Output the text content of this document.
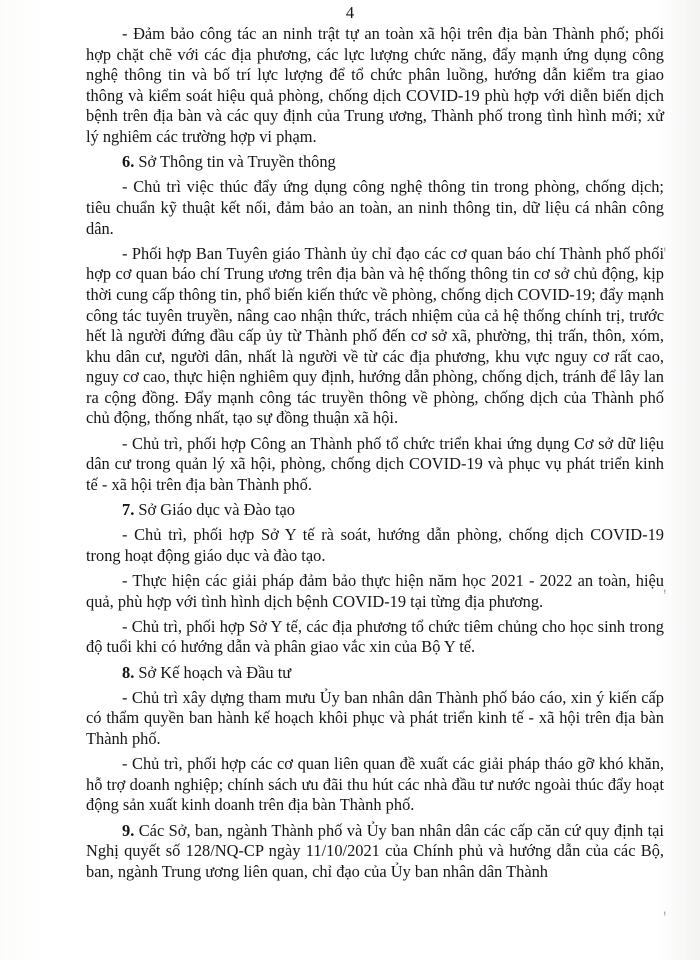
4

- Đảm bảo công tác an ninh trật tự an toàn xã hội trên địa bàn Thành phố; phối hợp chặt chẽ với các địa phương, các lực lượng chức năng, đẩy mạnh ứng dụng công nghệ thông tin và bố trí lực lượng để tổ chức phân luồng, hướng dẫn kiểm tra giao thông và kiểm soát hiệu quả phòng, chống dịch COVID-19 phù hợp với diễn biến dịch bệnh trên địa bàn và các quy định của Trung ương, Thành phố trong tình hình mới; xử lý nghiêm các trường hợp vi phạm.

6. Sở Thông tin và Truyền thông

- Chủ trì việc thúc đẩy ứng dụng công nghệ thông tin trong phòng, chống dịch; tiêu chuẩn kỹ thuật kết nối, đảm bảo an toàn, an ninh thông tin, dữ liệu cá nhân công dân.

- Phối hợp Ban Tuyên giáo Thành ủy chỉ đạo các cơ quan báo chí Thành phố phối hợp cơ quan báo chí Trung ương trên địa bàn và hệ thống thông tin cơ sở chủ động, kịp thời cung cấp thông tin, phổ biến kiến thức về phòng, chống dịch COVID-19; đẩy mạnh công tác tuyên truyền, nâng cao nhận thức, trách nhiệm của cả hệ thống chính trị, trước hết là người đứng đầu cấp ủy từ Thành phố đến cơ sở xã, phường, thị trấn, thôn, xóm, khu dân cư, người dân, nhất là người về từ các địa phương, khu vực nguy cơ rất cao, nguy cơ cao, thực hiện nghiêm quy định, hướng dẫn phòng, chống dịch, tránh để lây lan ra cộng đồng. Đẩy mạnh công tác truyền thông về phòng, chống dịch của Thành phố chủ động, thống nhất, tạo sự đồng thuận xã hội.

- Chủ trì, phối hợp Công an Thành phố tổ chức triển khai ứng dụng Cơ sở dữ liệu dân cư trong quản lý xã hội, phòng, chống dịch COVID-19 và phục vụ phát triển kinh tế - xã hội trên địa bàn Thành phố.

7. Sở Giáo dục và Đào tạo

- Chủ trì, phối hợp Sở Y tế rà soát, hướng dẫn phòng, chống dịch COVID-19 trong hoạt động giáo dục và đào tạo.

- Thực hiện các giải pháp đảm bảo thực hiện năm học 2021 - 2022 an toàn, hiệu quả, phù hợp với tình hình dịch bệnh COVID-19 tại từng địa phương.

- Chủ trì, phối hợp Sở Y tế, các địa phương tổ chức tiêm chủng cho học sinh trong độ tuổi khi có hướng dẫn và phân giao vắc xin của Bộ Y tế.

8. Sở Kế hoạch và Đầu tư

- Chủ trì xây dựng tham mưu Ủy ban nhân dân Thành phố báo cáo, xin ý kiến cấp có thẩm quyền ban hành kế hoạch khôi phục và phát triển kinh tế - xã hội trên địa bàn Thành phố.

- Chủ trì, phối hợp các cơ quan liên quan đề xuất các giải pháp tháo gỡ khó khăn, hỗ trợ doanh nghiệp; chính sách ưu đãi thu hút các nhà đầu tư nước ngoài thúc đẩy hoạt động sản xuất kinh doanh trên địa bàn Thành phố.

9. Các Sở, ban, ngành Thành phố và Ủy ban nhân dân các cấp căn cứ quy định tại Nghị quyết số 128/NQ-CP ngày 11/10/2021 của Chính phủ và hướng dẫn của các Bộ, ban, ngành Trung ương liên quan, chỉ đạo của Ủy ban nhân dân Thành

ᵎ
ᵎ
ᵎ
